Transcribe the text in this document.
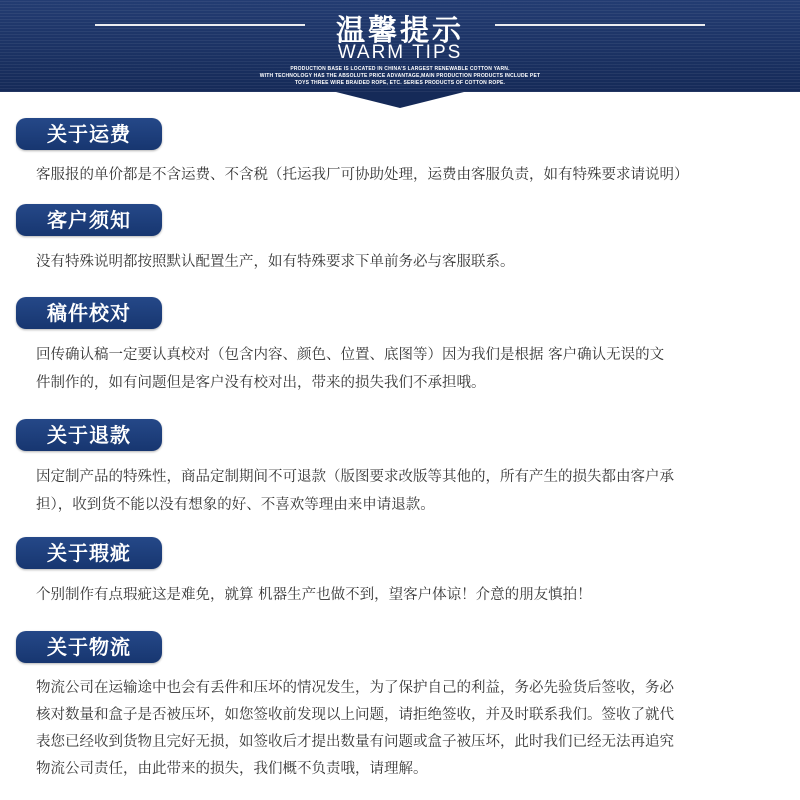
温馨提示
WARM TIPS
PRODUCTION BASE IS LOCATED IN CHINA'S LARGEST RENEWABLE COTTON YARN.
WITH TECHNOLOGY HAS THE ABSOLUTE PRICE ADVANTAGE,MAIN PRODUCTION PRODUCTS INCLUDE PET
TOYS THREE WIRE BRAIDED ROPE, ETC. SERIES PRODUCTS OF COTTON ROPE.
关于运费
客服报的单价都是不含运费、不含税（托运我厂可协助处理，运费由客服负责，如有特殊要求请说明）
客户须知
没有特殊说明都按照默认配置生产，如有特殊要求下单前务必与客服联系。
稿件校对
回传确认稿一定要认真校对（包含内容、颜色、位置、底图等）因为我们是根据 客户确认无误的文
件制作的，如有问题但是客户没有校对出，带来的损失我们不承担哦。
关于退款
因定制产品的特殊性，商品定制期间不可退款（版图要求改版等其他的，所有产生的损失都由客户承
担），收到货不能以没有想象的好、不喜欢等理由来申请退款。
关于瑕疵
个别制作有点瑕疵这是难免，就算 机器生产也做不到，望客户体谅！介意的朋友慎拍！
关于物流
物流公司在运输途中也会有丢件和压坏的情况发生，为了保护自己的利益，务必先验货后签收，务必
核对数量和盒子是否被压坏，如您签收前发现以上问题，请拒绝签收，并及时联系我们。签收了就代
表您已经收到货物且完好无损，如签收后才提出数量有问题或盒子被压坏，此时我们已经无法再追究
物流公司责任，由此带来的损失，我们概不负责哦，请理解。
